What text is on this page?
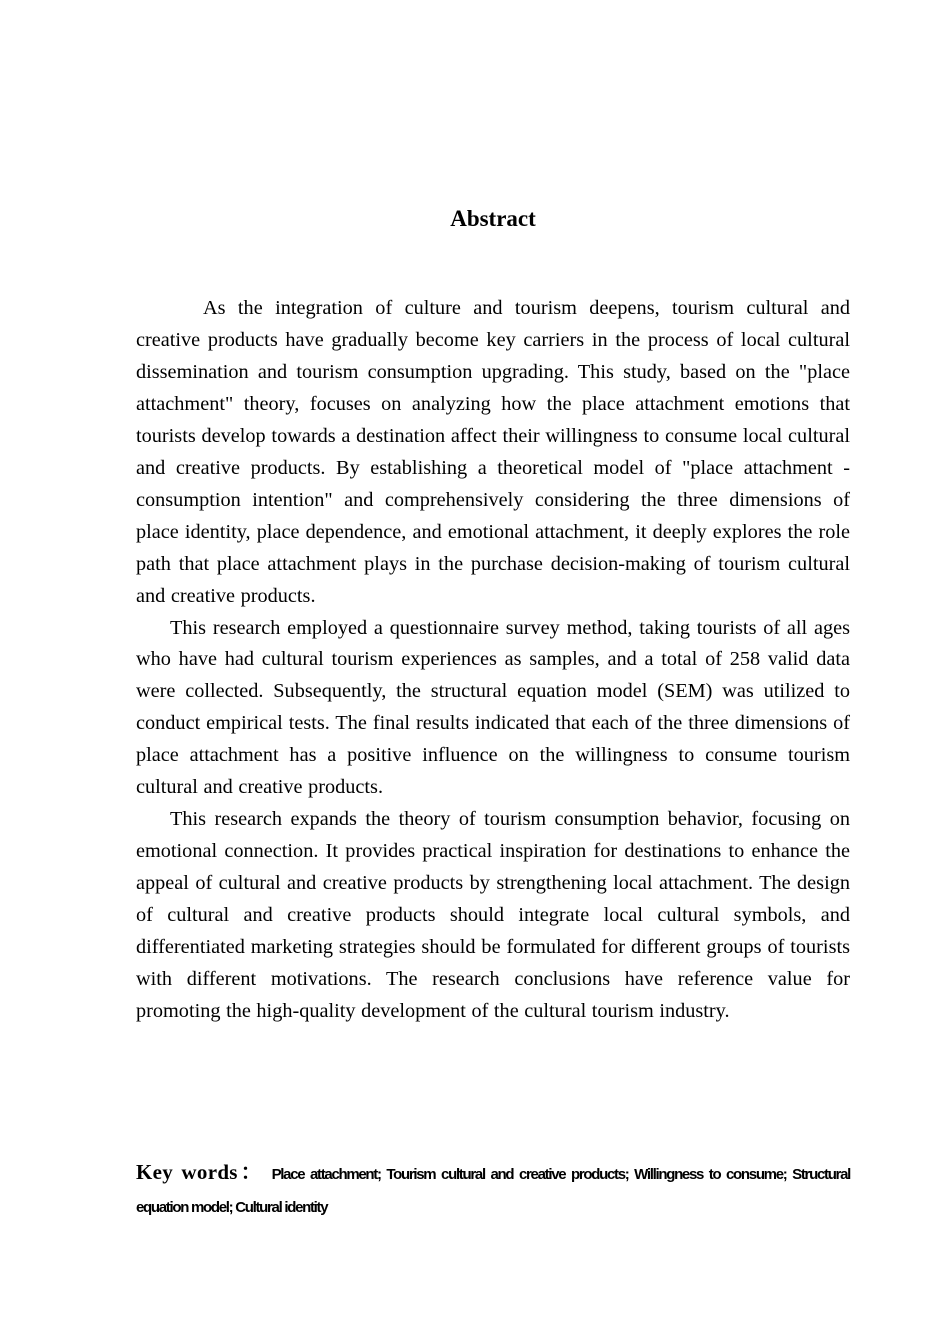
Abstract

As the integration of culture and tourism deepens, tourism cultural and creative products have gradually become key carriers in the process of local cultural dissemination and tourism consumption upgrading. This study, based on the "place attachment" theory, focuses on analyzing how the place attachment emotions that tourists develop towards a destination affect their willingness to consume local cultural and creative products. By establishing a theoretical model of "place attachment - consumption intention" and comprehensively considering the three dimensions of place identity, place dependence, and emotional attachment, it deeply explores the role path that place attachment plays in the purchase decision-making of tourism cultural and creative products.

This research employed a questionnaire survey method, taking tourists of all ages who have had cultural tourism experiences as samples, and a total of 258 valid data were collected. Subsequently, the structural equation model (SEM) was utilized to conduct empirical tests. The final results indicated that each of the three dimensions of place attachment has a positive influence on the willingness to consume tourism cultural and creative products.

This research expands the theory of tourism consumption behavior, focusing on emotional connection. It provides practical inspiration for destinations to enhance the appeal of cultural and creative products by strengthening local attachment. The design of cultural and creative products should integrate local cultural symbols, and differentiated marketing strategies should be formulated for different groups of tourists with different motivations. The research conclusions have reference value for promoting the high-quality development of the cultural tourism industry.

Key words： Place attachment; Tourism cultural and creative products; Willingness to consume; Structural equation model; Cultural identity
